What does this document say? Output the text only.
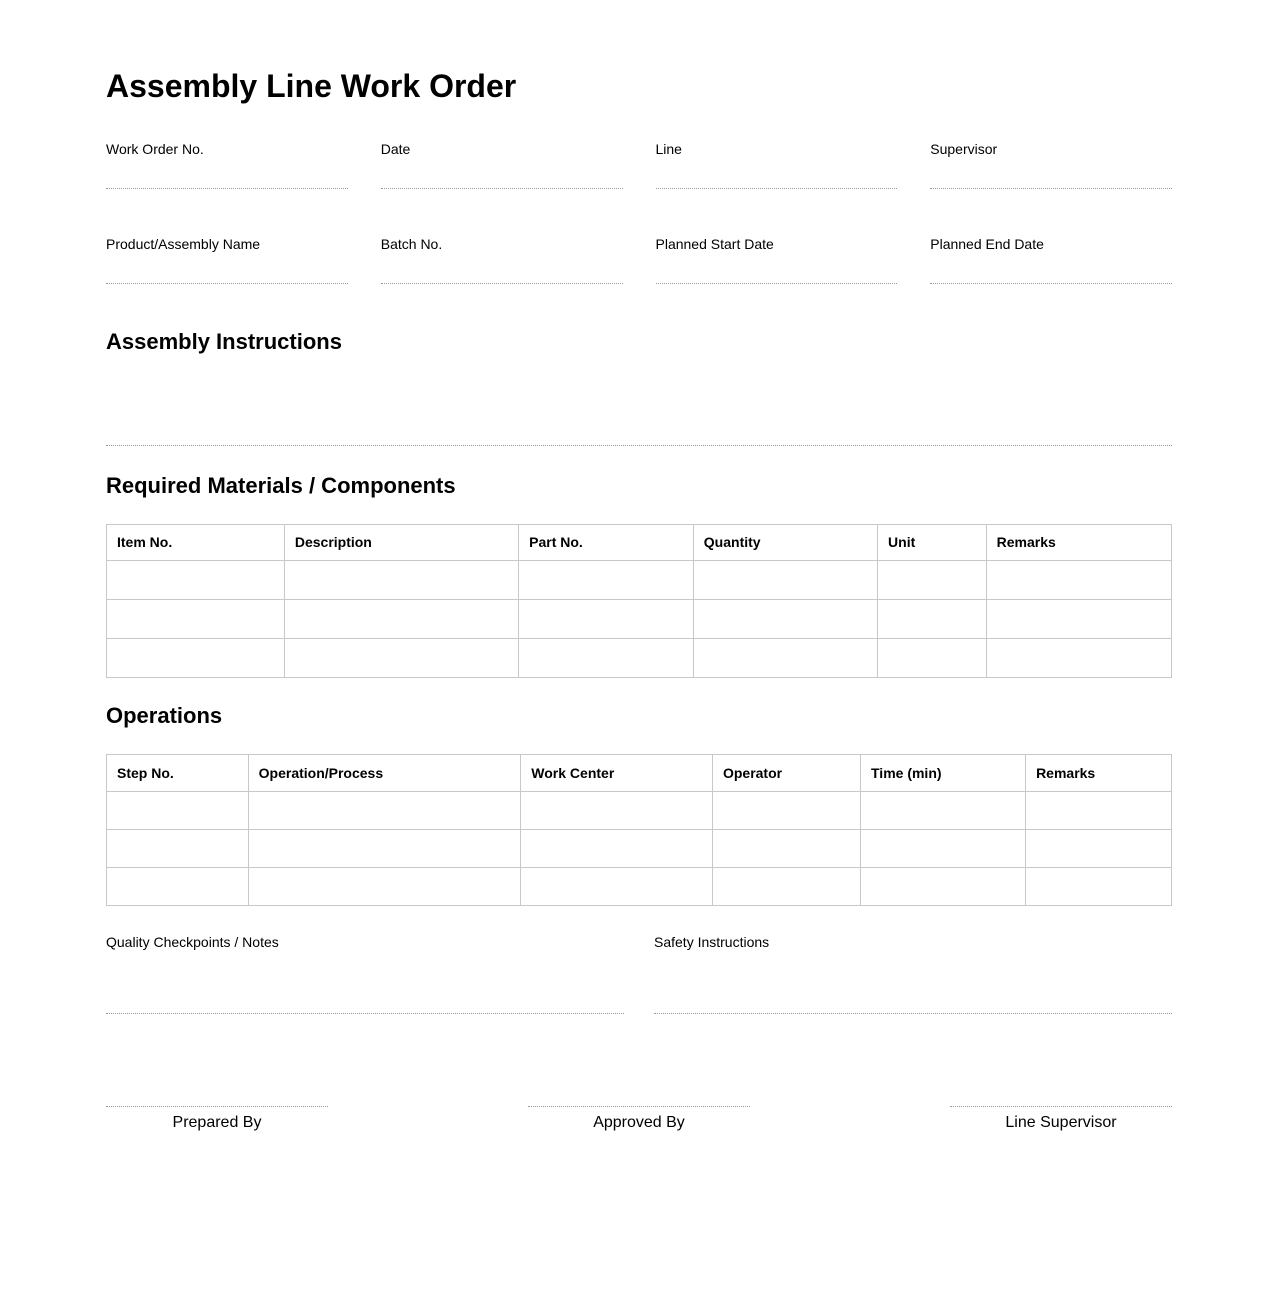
Assembly Line Work Order
Work Order No.	Date	Line	Supervisor
Product/Assembly Name	Batch No.	Planned Start Date	Planned End Date
Assembly Instructions
Required Materials / Components
Item No.	Description	Part No.	Quantity	Unit	Remarks

Operations
Step No.	Operation/Process	Work Center	Operator	Time (min)	Remarks

Quality Checkpoints / Notes	Safety Instructions
Prepared By	Approved By	Line Supervisor
